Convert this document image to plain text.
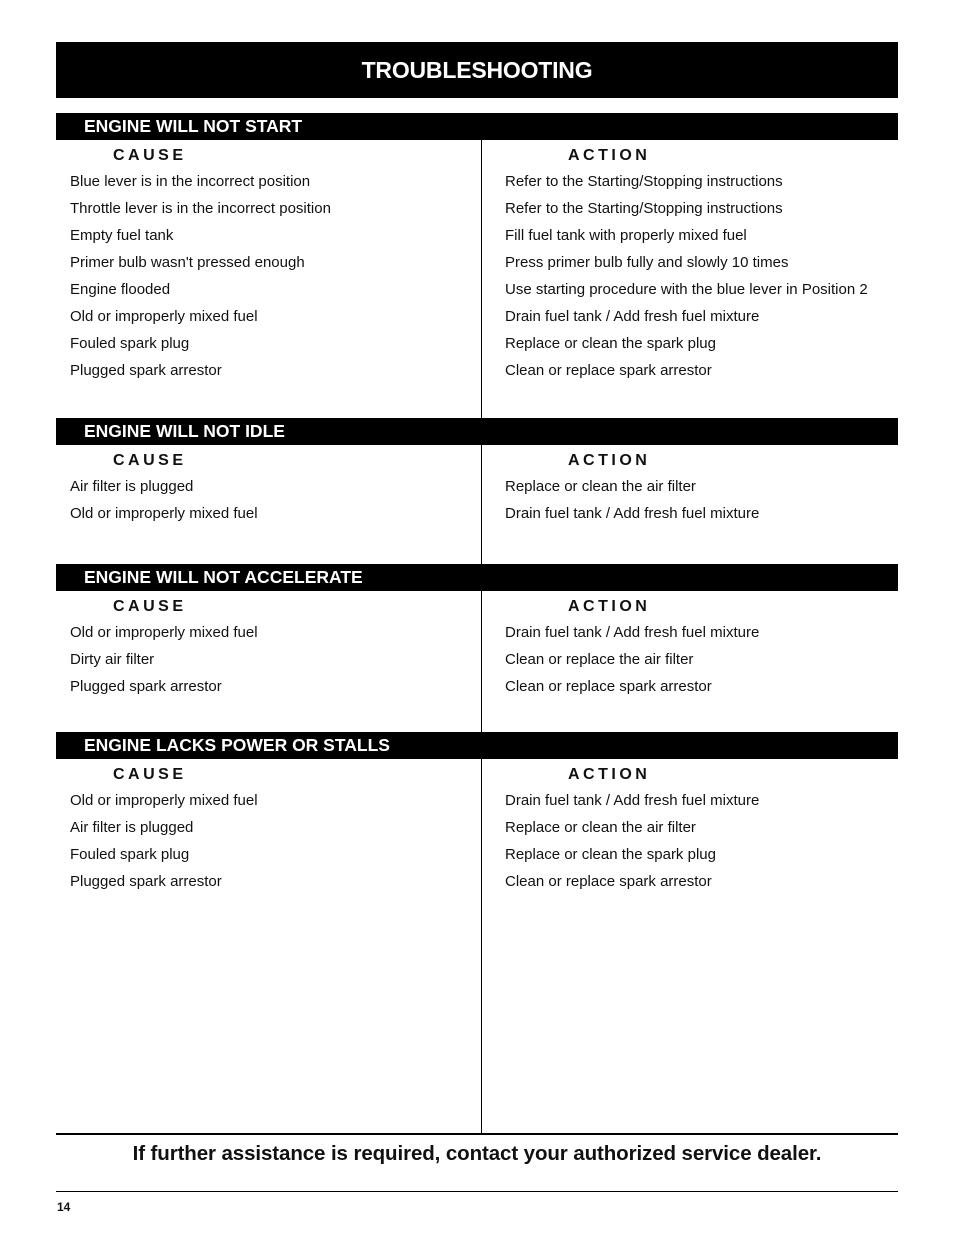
TROUBLESHOOTING
ENGINE WILL NOT START
CAUSE	ACTION
Blue lever is in the incorrect position	Refer to the Starting/Stopping instructions
Throttle lever is in the incorrect position	Refer to the Starting/Stopping instructions
Empty fuel tank	Fill fuel tank with properly mixed fuel
Primer bulb wasn't pressed enough	Press primer bulb fully and slowly 10 times
Engine flooded	Use starting procedure with the blue lever in Position 2
Old or improperly mixed fuel	Drain fuel tank / Add fresh fuel mixture
Fouled spark plug	Replace or clean the spark plug
Plugged spark arrestor	Clean or replace spark arrestor
ENGINE WILL NOT IDLE
CAUSE	ACTION
Air filter is plugged	Replace or clean the air filter
Old or improperly mixed fuel	Drain fuel tank / Add fresh fuel mixture
ENGINE WILL NOT ACCELERATE
CAUSE	ACTION
Old or improperly mixed fuel	Drain fuel tank / Add fresh fuel mixture
Dirty air filter	Clean or replace the air filter
Plugged spark arrestor	Clean or replace spark arrestor
ENGINE LACKS POWER OR STALLS
CAUSE	ACTION
Old or improperly mixed fuel	Drain fuel tank / Add fresh fuel mixture
Air filter is plugged	Replace or clean the air filter
Fouled spark plug	Replace or clean the spark plug
Plugged spark arrestor	Clean or replace spark arrestor
If further assistance is required, contact your authorized service dealer.
14
